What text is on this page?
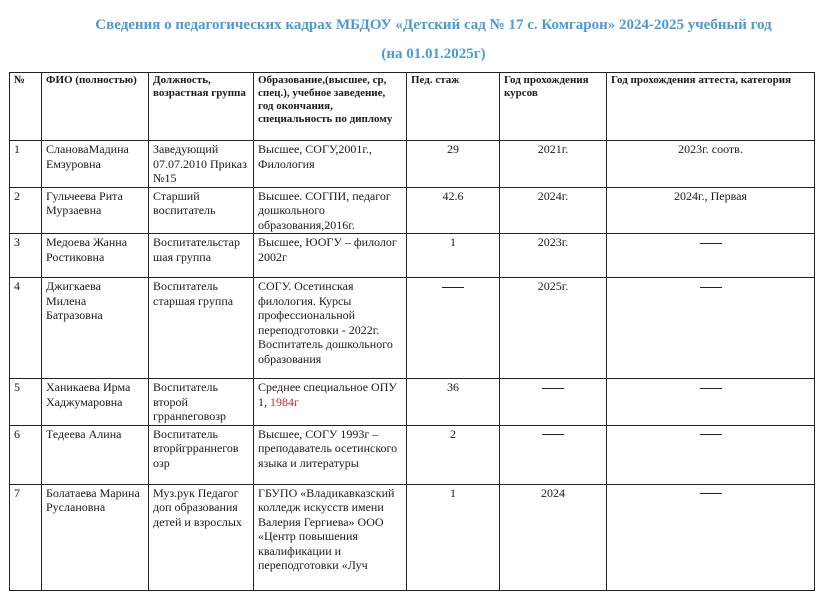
Сведения о педагогических кадрах МБДОУ «Детский сад № 17 с. Комгарон» 2024-2025 учебный год
(на 01.01.2025г)
№	ФИО (полностью)	Должность, возрастная группа	Образование,(высшее, ср, спец.), учебное заведение, год окончания, специальность по диплому	Пед. стаж	Год прохождения курсов	Год прохождения аттеста, категория
1	СлановаМадина Емзуровна	Заведующий 07.07.2010 Приказ №15	Высшее, СОГУ,2001г., Филология	29	2021г.	2023г. соотв.
2	Гульчеева Рита Мурзаевна	Старший воспитатель	Высшее. СОГПИ, педагог дошкольного образования,2016г.	42.6	2024г.	2024г., Первая
3	Медоева Жанна Ростиковна	Воспитательстар шая группа	Высшее, ЮОГУ – филолог 2002г	1	2023г.	
4	Джигкаева Милена Батразовна	Воспитатель старшая группа	СОГУ. Осетинская филология. Курсы профессиональной переподготовки - 2022г. Воспитатель дошкольного образования		2025г.	
5	Ханикаева Ирма Хаджумаровна	Воспитатель второй грранneговозр	Среднее специальное ОПУ 1, 1984г	36		
6	Тедеева Алина	Воспитатель вторйгрраннегов озр	Высшее, СОГУ 1993г – преподаватель осетинского языка и литературы	2		
7	Болатаева Марина Руслановна	Муз.рук Педагог доп образования детей и взрослых	ГБУПО «Владикавказский колледж искусств имени Валерия Гергиева» ООО «Центр повышения квалификации и переподготовки «Луч	1	2024	
